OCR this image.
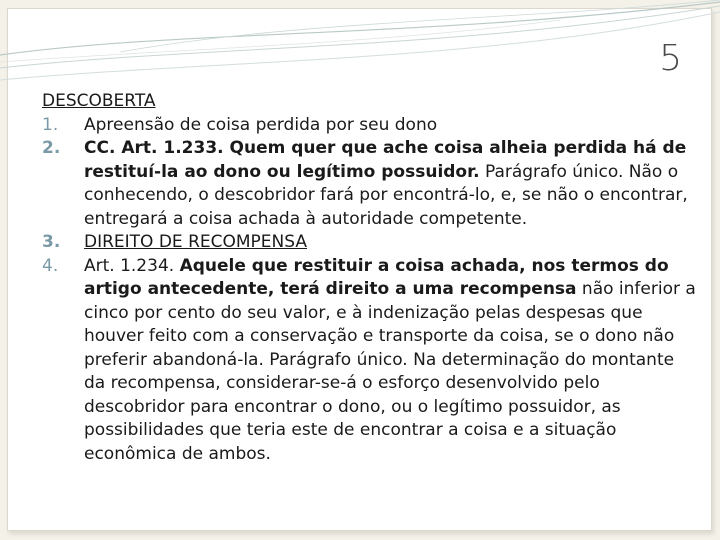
5
DESCOBERTA
1.	Apreensão de coisa perdida por seu dono
2.	CC. Art. 1.233. Quem quer que ache coisa alheia perdida há de restituí-la ao dono ou legítimo possuidor. Parágrafo único. Não o conhecendo, o descobridor fará por encontrá-lo, e, se não o encontrar, entregará a coisa achada à autoridade competente.
3.	DIREITO DE RECOMPENSA
4.	Art. 1.234. Aquele que restituir a coisa achada, nos termos do artigo antecedente, terá direito a uma recompensa não inferior a cinco por cento do seu valor, e à indenização pelas despesas que houver feito com a conservação e transporte da coisa, se o dono não preferir abandoná-la. Parágrafo único. Na determinação do montante da recompensa, considerar-se-á o esforço desenvolvido pelo descobridor para encontrar o dono, ou o legítimo possuidor, as possibilidades que teria este de encontrar a coisa e a situação econômica de ambos.
